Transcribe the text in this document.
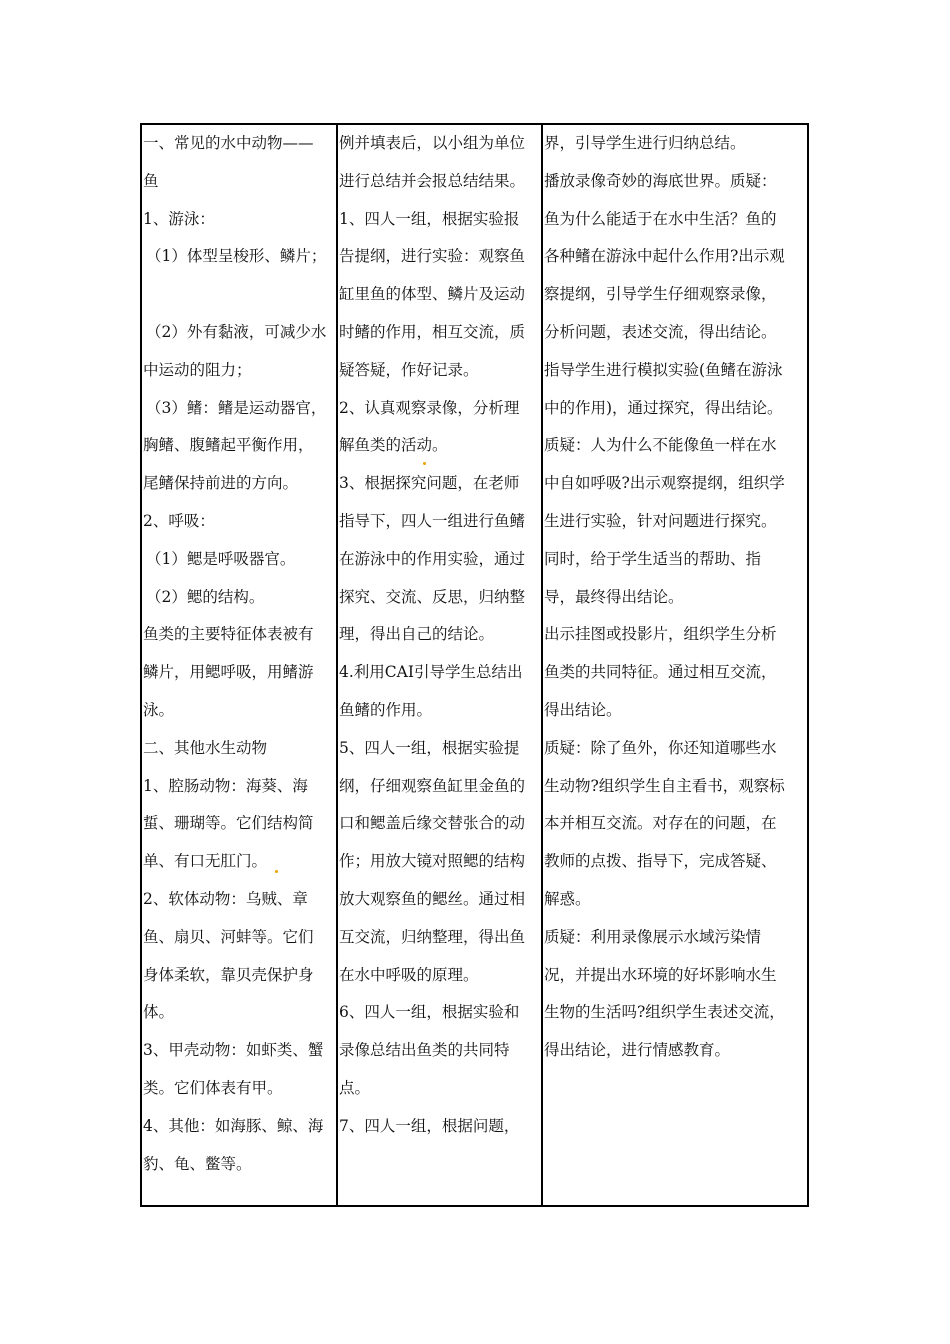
一、常见的水中动物——
鱼
1、游泳：
（1）体型呈梭形、鳞片；
（2）外有黏液，可减少水
中运动的阻力；
（3）鳍：鳍是运动器官，
胸鳍、腹鳍起平衡作用，
尾鳍保持前进的方向。
2、呼吸：
（1）鳃是呼吸器官。
（2）鳃的结构。
鱼类的主要特征体表被有
鳞片，用鳃呼吸，用鳍游
泳。
二、其他水生动物
1、腔肠动物：海葵、海
蜇、珊瑚等。它们结构简
单、有口无肛门。
2、软体动物：乌贼、章
鱼、扇贝、河蚌等。它们
身体柔软，靠贝壳保护身
体。
3、甲壳动物：如虾类、蟹
类。它们体表有甲。
4、其他：如海豚、鲸、海
豹、龟、鳖等。
例并填表后，以小组为单位
进行总结并会报总结结果。
1、四人一组，根据实验报
告提纲，进行实验：观察鱼
缸里鱼的体型、鳞片及运动
时鳍的作用，相互交流，质
疑答疑，作好记录。
2、认真观察录像，分析理
解鱼类的活动。
3、根据探究问题，在老师
指导下，四人一组进行鱼鳍
在游泳中的作用实验，通过
探究、交流、反思，归纳整
理，得出自己的结论。
4.利用CAI引导学生总结出
鱼鳍的作用。
5、四人一组，根据实验提
纲，仔细观察鱼缸里金鱼的
口和鳃盖后缘交替张合的动
作；用放大镜对照鳃的结构
放大观察鱼的鳃丝。通过相
互交流，归纳整理，得出鱼
在水中呼吸的原理。
6、四人一组，根据实验和
录像总结出鱼类的共同特
点。
7、四人一组，根据问题，
界，引导学生进行归纳总结。
播放录像奇妙的海底世界。质疑：
鱼为什么能适于在水中生活？鱼的
各种鳍在游泳中起什么作用?出示观
察提纲，引导学生仔细观察录像，
分析问题，表述交流，得出结论。
指导学生进行模拟实验(鱼鳍在游泳
中的作用)，通过探究，得出结论。
质疑：人为什么不能像鱼一样在水
中自如呼吸?出示观察提纲，组织学
生进行实验，针对问题进行探究。
同时，给于学生适当的帮助、指
导，最终得出结论。
出示挂图或投影片，组织学生分析
鱼类的共同特征。通过相互交流，
得出结论。
质疑：除了鱼外，你还知道哪些水
生动物?组织学生自主看书，观察标
本并相互交流。对存在的问题，在
教师的点拨、指导下，完成答疑、
解惑。
质疑：利用录像展示水域污染情
况，并提出水环境的好坏影响水生
生物的生活吗?组织学生表述交流，
得出结论，进行情感教育。
